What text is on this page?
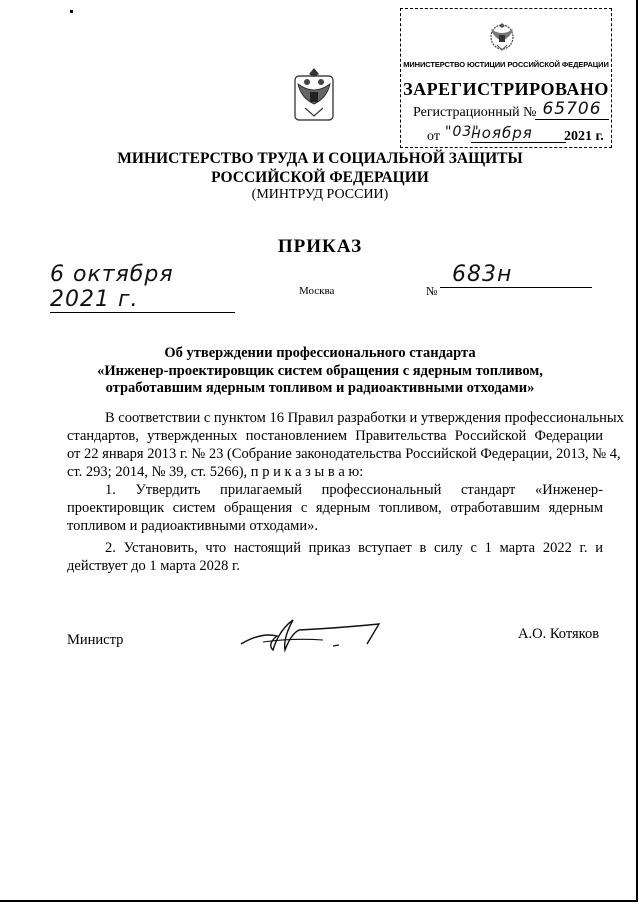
МИНИСТЕРСТВО ЮСТИЦИИ РОССИЙСКОЙ ФЕДЕРАЦИИ
ЗАРЕГИСТРИРОВАНО
Регистрационный № 65706
от "03"
ноября	2021 г.
МИНИСТЕРСТВО ТРУДА И СОЦИАЛЬНОЙ ЗАЩИТЫ
РОССИЙСКОЙ ФЕДЕРАЦИИ
(МИНТРУД РОССИИ)
ПРИКАЗ
6 октября 2021 г.	Москва	№
683н
Об утверждении профессионального стандарта
«Инженер-проектировщик систем обращения с ядерным топливом,
отработавшим ядерным топливом и радиоактивными отходами»
В соответствии с пунктом 16 Правил разработки и утверждения профессиональных
стандартов, утвержденных постановлением Правительства Российской Федерации
от 22 января 2013 г. № 23 (Собрание законодательства Российской Федерации, 2013, № 4,
ст. 293; 2014, № 39, ст. 5266), п р и к а з ы в а ю:
1. Утвердить прилагаемый профессиональный стандарт «Инженер-
проектировщик систем обращения с ядерным топливом, отработавшим ядерным
топливом и радиоактивными отходами».
2. Установить, что настоящий приказ вступает в силу с 1 марта 2022 г. и
действует до 1 марта 2028 г.
Министр	А.О. Котяков
